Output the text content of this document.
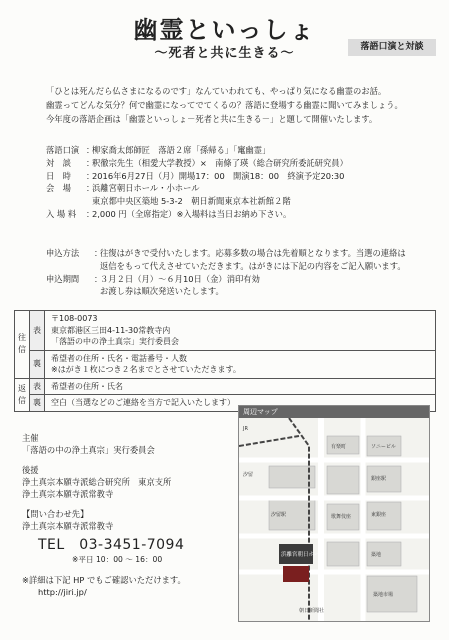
幽霊といっしょ
〜死者と共に生きる〜	落語口演と対談
「ひとは死んだら仏さまになるのです」なんていわれても、やっぱり気になる幽霊のお話。
幽霊ってどんな気分？何で幽霊になってでてくるの？落語に登場する幽霊に聞いてみましょう。
今年度の落語企画は「幽霊といっしょ－死者と共に生きる－」と題して開催いたします。
落語口演 ：
柳家喬太郎師匠　落語２席「孫帰る」「竃幽霊」
対　談	：
釈徹宗先生（相愛大学教授）×　南條了瑛（総合研究所委託研究員）
日　時	：
2016年6月27日（月）開場17：00　開演18：00　終演予定20:30
会　場	：
浜離宮朝日ホール・小ホール
東京都中央区築地 5-3-2　朝日新聞東京本社新館２階
入 場 料	：
2,000 円（全席指定）※入場料は当日お納め下さい。
申込方法	：
往復はがきで受付いたします。応募多数の場合は先着順となります。当選の連絡は
返信をもって代えさせていただきます。はがきには下記の内容をご記入願います。
申込期間	：
３月２日（月）～６月10日（金）消印有効
お渡し券は順次発送いたします。
往信	表	〒108-0073
東京都港区三田4-11-30常教寺内
「落語の中の浄土真宗」実行委員会

	裏	希望者の住所・氏名・電話番号・人数
※はがき１枚につき２名までとさせていただきます。

返信	表	希望者の住所・氏名
	裏	空白（当選などのご連絡を当方で記入いたします）
主催
「落語の中の浄土真宗」実行委員会
後援
浄土真宗本願寺派総合研究所　東京支所
浄土真宗本願寺派常教寺
【問い合わせ先】
浄土真宗本願寺派常教寺
TEL　03-3451-7094
※平日 10：00 ～ 16：00
※詳細は下記 HP でもご確認いただけます。
http://jiri.jp/
周辺マップ
JR
汐留
ソニービル
有楽町
銀座駅
東銀座
歌舞伎座
築地
汐留駅
浜離宮朝日ホール
朝日新聞社
築地市場
